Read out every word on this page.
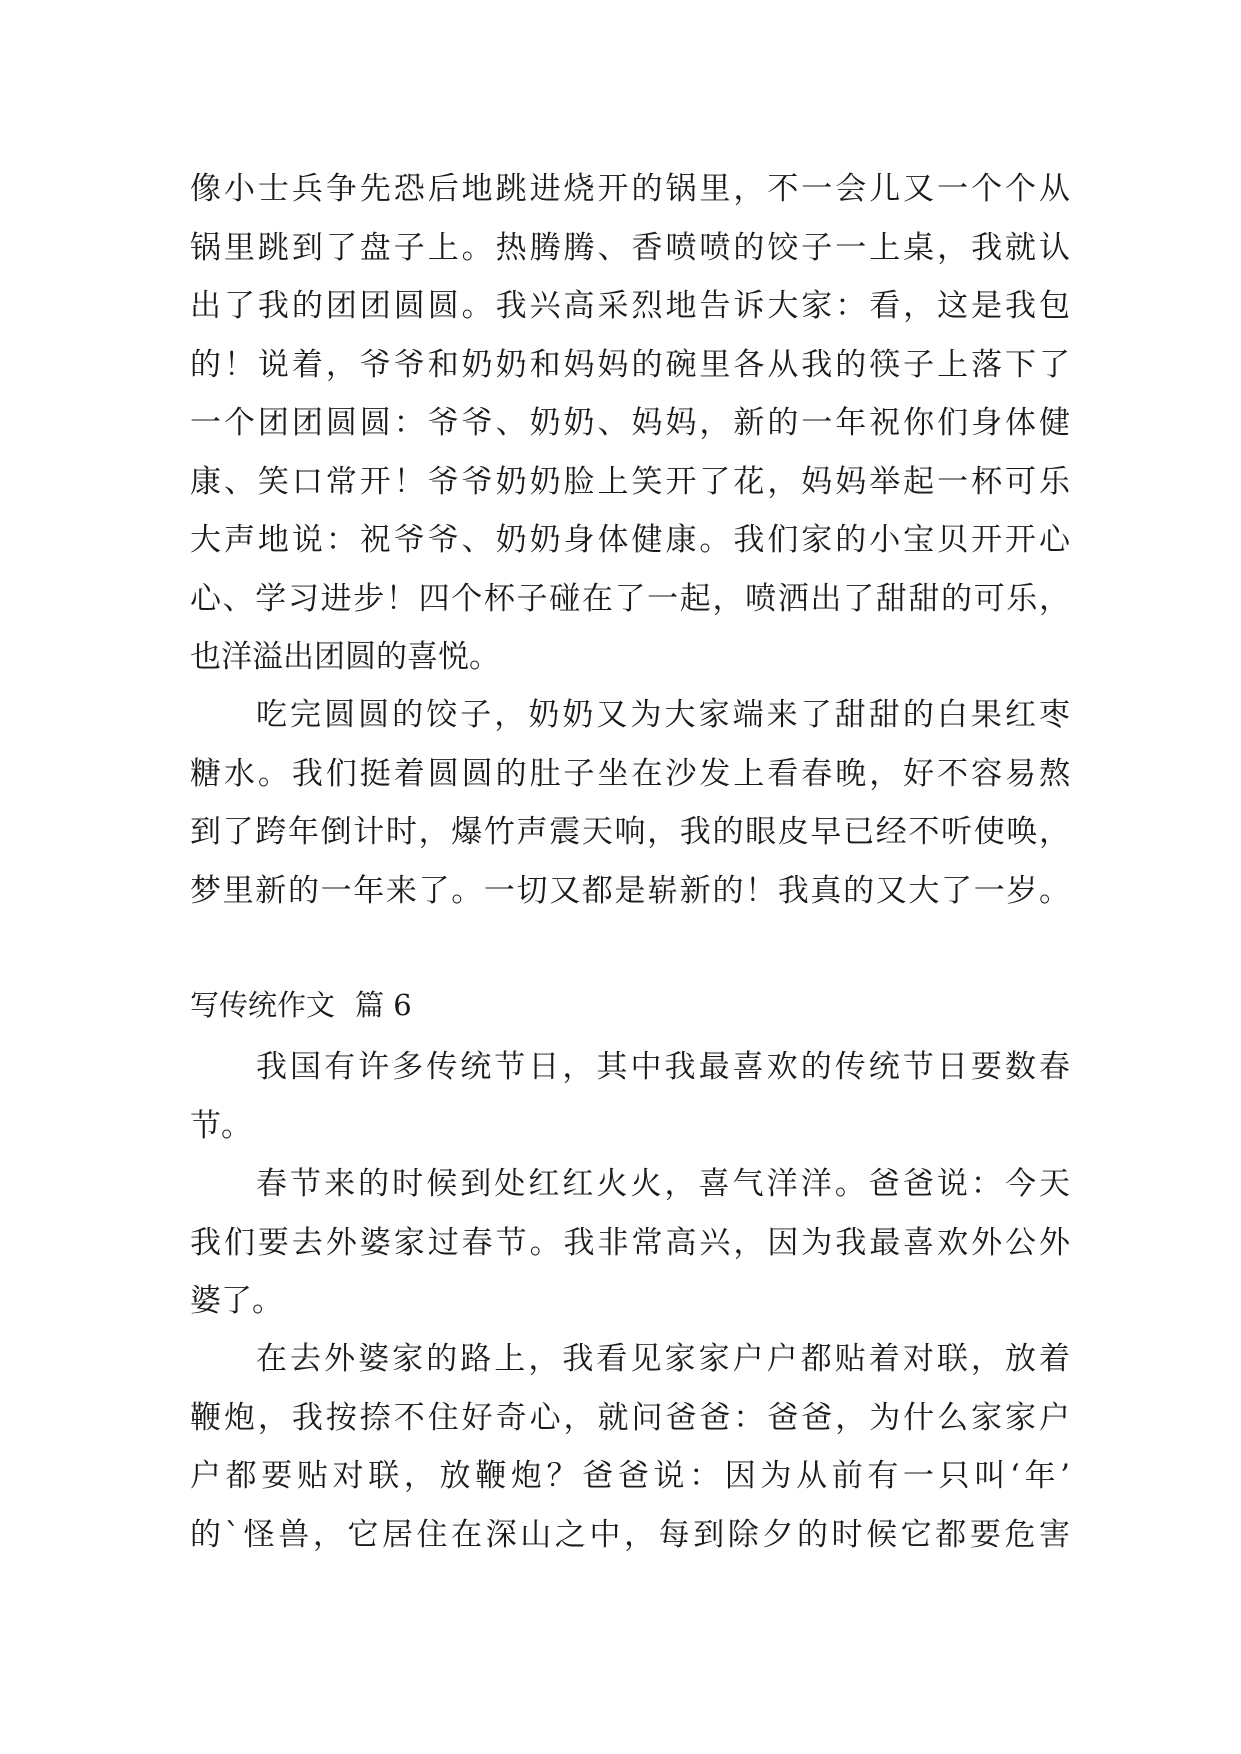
像小士兵争先恐后地跳进烧开的锅里，不一会儿又一个个从
锅里跳到了盘子上。热腾腾、香喷喷的饺子一上桌，我就认
出了我的团团圆圆。我兴高采烈地告诉大家：看，这是我包
的！说着，爷爷和奶奶和妈妈的碗里各从我的筷子上落下了
一个团团圆圆：爷爷、奶奶、妈妈，新的一年祝你们身体健
康、笑口常开！爷爷奶奶脸上笑开了花，妈妈举起一杯可乐
大声地说：祝爷爷、奶奶身体健康。我们家的小宝贝开开心
心、学习进步！四个杯子碰在了一起，喷洒出了甜甜的可乐，
也洋溢出团圆的喜悦。
吃完圆圆的饺子，奶奶又为大家端来了甜甜的白果红枣
糖水。我们挺着圆圆的肚子坐在沙发上看春晚，好不容易熬
到了跨年倒计时，爆竹声震天响，我的眼皮早已经不听使唤，
梦里新的一年来了。一切又都是崭新的！我真的又大了一岁。
写传统作文 篇 6
我国有许多传统节日，其中我最喜欢的传统节日要数春
节。
春节来的时候到处红红火火，喜气洋洋。爸爸说：今天
我们要去外婆家过春节。我非常高兴，因为我最喜欢外公外
婆了。
在去外婆家的路上，我看见家家户户都贴着对联，放着
鞭炮，我按捺不住好奇心，就问爸爸：爸爸，为什么家家户
户都要贴对联，放鞭炮？爸爸说：因为从前有一只叫‘年’
的`怪兽，它居住在深山之中，每到除夕的时候它都要危害
